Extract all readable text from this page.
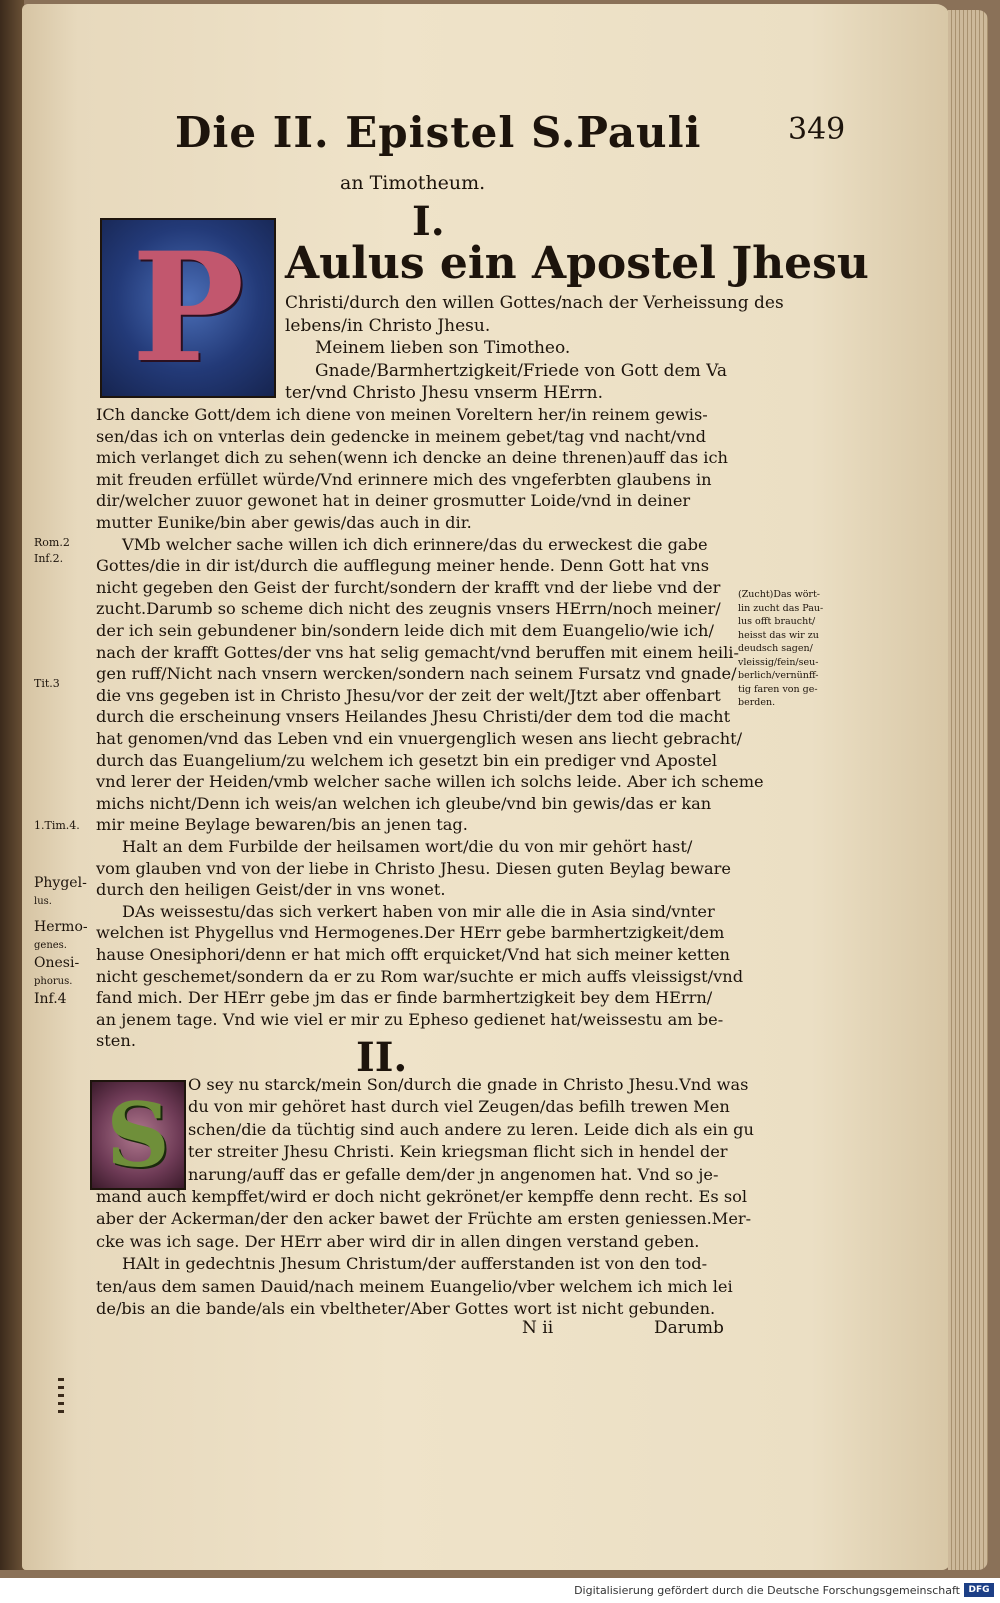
Die II. Epistel S.Pauli	349
an Timotheum.
I.
P Aulus ein Apostel Jhesu
Christi/durch den willen Gottes/nach der Verheissung des
lebens/in Christo Jhesu.
Meinem lieben son Timotheo.
Gnade/Barmhertzigkeit/Friede von Gott dem Va
ter/vnd Christo Jhesu vnserm HErrn.
ICh dancke Gott/dem ich diene von meinen Voreltern her/in reinem gewis-
sen/das ich on vnterlas dein gedencke in meinem gebet/tag vnd nacht/vnd
mich verlanget dich zu sehen(wenn ich dencke an deine threnen)auff das ich
mit freuden erfüllet würde/Vnd erinnere mich des vngeferbten glaubens in
dir/welcher zuuor gewonet hat in deiner grosmutter Loide/vnd in deiner
mutter Eunike/bin aber gewis/das auch in dir.
VMb welcher sache willen ich dich erinnere/das du erweckest die gabe
Gottes/die in dir ist/durch die aufflegung meiner hende. Denn Gott hat vns
nicht gegeben den Geist der furcht/sondern der krafft vnd der liebe vnd der
zucht.Darumb so scheme dich nicht des zeugnis vnsers HErrn/noch meiner/
der ich sein gebundener bin/sondern leide dich mit dem Euangelio/wie ich/
nach der krafft Gottes/der vns hat selig gemacht/vnd beruffen mit einem heili-
gen ruff/Nicht nach vnsern wercken/sondern nach seinem Fursatz vnd gnade/
die vns gegeben ist in Christo Jhesu/vor der zeit der welt/Jtzt aber offenbart
durch die erscheinung vnsers Heilandes Jhesu Christi/der dem tod die macht
hat genomen/vnd das Leben vnd ein vnuergenglich wesen ans liecht gebracht/
durch das Euangelium/zu welchem ich gesetzt bin ein prediger vnd Apostel
vnd lerer der Heiden/vmb welcher sache willen ich solchs leide. Aber ich scheme
michs nicht/Denn ich weis/an welchen ich gleube/vnd bin gewis/das er kan
mir meine Beylage bewaren/bis an jenen tag.
Halt an dem Furbilde der heilsamen wort/die du von mir gehört hast/
vom glauben vnd von der liebe in Christo Jhesu. Diesen guten Beylag beware
durch den heiligen Geist/der in vns wonet.
DAs weissestu/das sich verkert haben von mir alle die in Asia sind/vnter
welchen ist Phygellus vnd Hermogenes.Der HErr gebe barmhertzigkeit/dem
hause Onesiphori/denn er hat mich offt erquicket/Vnd hat sich meiner ketten
nicht geschemet/sondern da er zu Rom war/suchte er mich auffs vleissigst/vnd
fand mich. Der HErr gebe jm das er finde barmhertzigkeit bey dem HErrn/
an jenem tage. Vnd wie viel er mir zu Epheso gedienet hat/weissestu am be-
sten.	II.
S O sey nu starck/mein Son/durch die gnade in Christo Jhesu.Vnd was
du von mir gehöret hast durch viel Zeugen/das befilh trewen Men
schen/die da tüchtig sind auch andere zu leren. Leide dich als ein gu
ter streiter Jhesu Christi. Kein kriegsman flicht sich in hendel der
narung/auff das er gefalle dem/der jn angenomen hat. Vnd so je-
mand auch kempffet/wird er doch nicht gekrönet/er kempffe denn recht. Es sol
aber der Ackerman/der den acker bawet der Früchte am ersten geniessen.Mer-
cke was ich sage. Der HErr aber wird dir in allen dingen verstand geben.
HAlt in gedechtnis Jhesum Christum/der aufferstanden ist von den tod-
ten/aus dem samen Dauid/nach meinem Euangelio/vber welchem ich mich lei
de/bis an die bande/als ein vbeltheter/Aber Gottes wort ist nicht gebunden.
Rom.2
Inf.2.
Tit.3
1.Tim.4.
Phygel-
lus.
Hermo-
genes.
Onesi-
phorus.
Inf.4
(Zucht)Das wört-
lin zucht das Pau-
lus offt braucht/
heisst das wir zu
deudsch sagen/
vleissig/fein/seu-
berlich/vernünff-
tig faren von ge-
berden.
N ii	Darumb
Digitalisierung gefördert durch die Deutsche Forschungsgemeinschaft DFG
